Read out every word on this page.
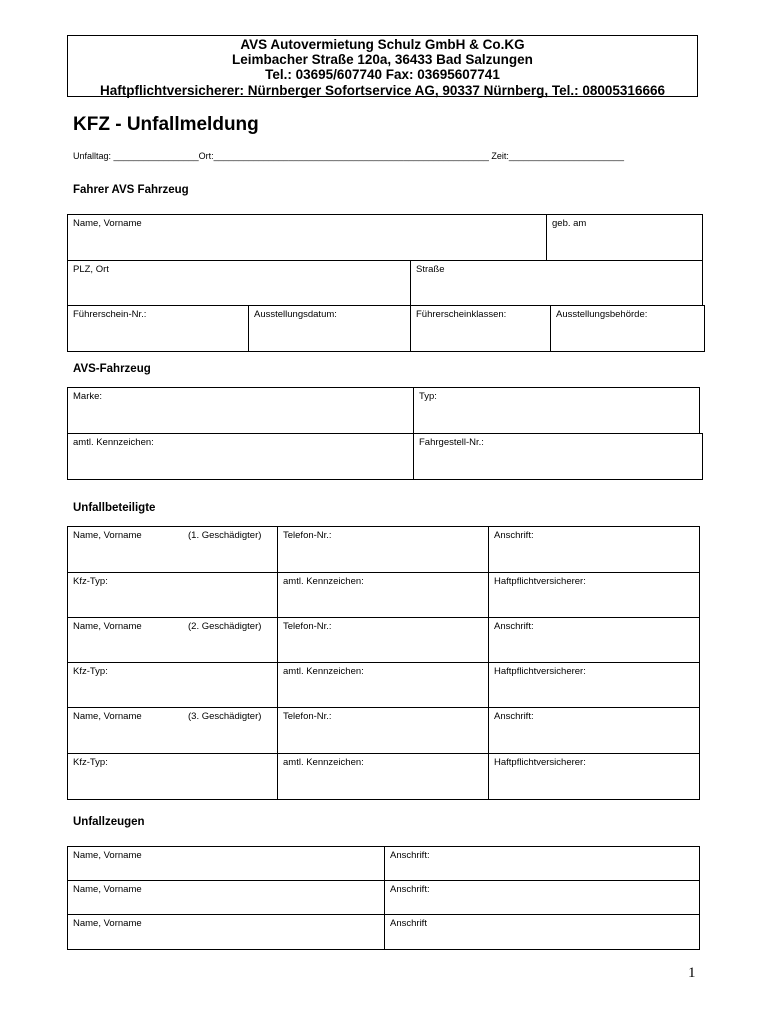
AVS Autovermietung Schulz GmbH & Co.KG
Leimbacher Straße 120a, 36433 Bad Salzungen
Tel.: 03695/607740 Fax: 03695607741
Haftpflichtversicherer: Nürnberger Sofortservice AG, 90337 Nürnberg, Tel.: 08005316666
KFZ - Unfallmeldung
Unfalltag: _________________Ort:_______________________________________________________ Zeit:_______________________
Fahrer AVS Fahrzeug
Name, Vorname	geb. am
PLZ, Ort	Straße
Führerschein-Nr.:	Ausstellungsdatum:	Führerscheinklassen:	Ausstellungsbehörde:
AVS-Fahrzeug
Marke:	Typ:
amtl. Kennzeichen:	Fahrgestell-Nr.:
Unfallbeteiligte
Name, Vorname	(1. Geschädigter)	Telefon-Nr.:	Anschrift:
Kfz-Typ:	amtl. Kennzeichen:	Haftpflichtversicherer:
Name, Vorname	(2. Geschädigter)	Telefon-Nr.:	Anschrift:
Kfz-Typ:	amtl. Kennzeichen:	Haftpflichtversicherer:
Name, Vorname	(3. Geschädigter)	Telefon-Nr.:	Anschrift:
Kfz-Typ:	amtl. Kennzeichen:	Haftpflichtversicherer:
Unfallzeugen
Name, Vorname	Anschrift:
Name, Vorname	Anschrift:
Name, Vorname	Anschrift
1
